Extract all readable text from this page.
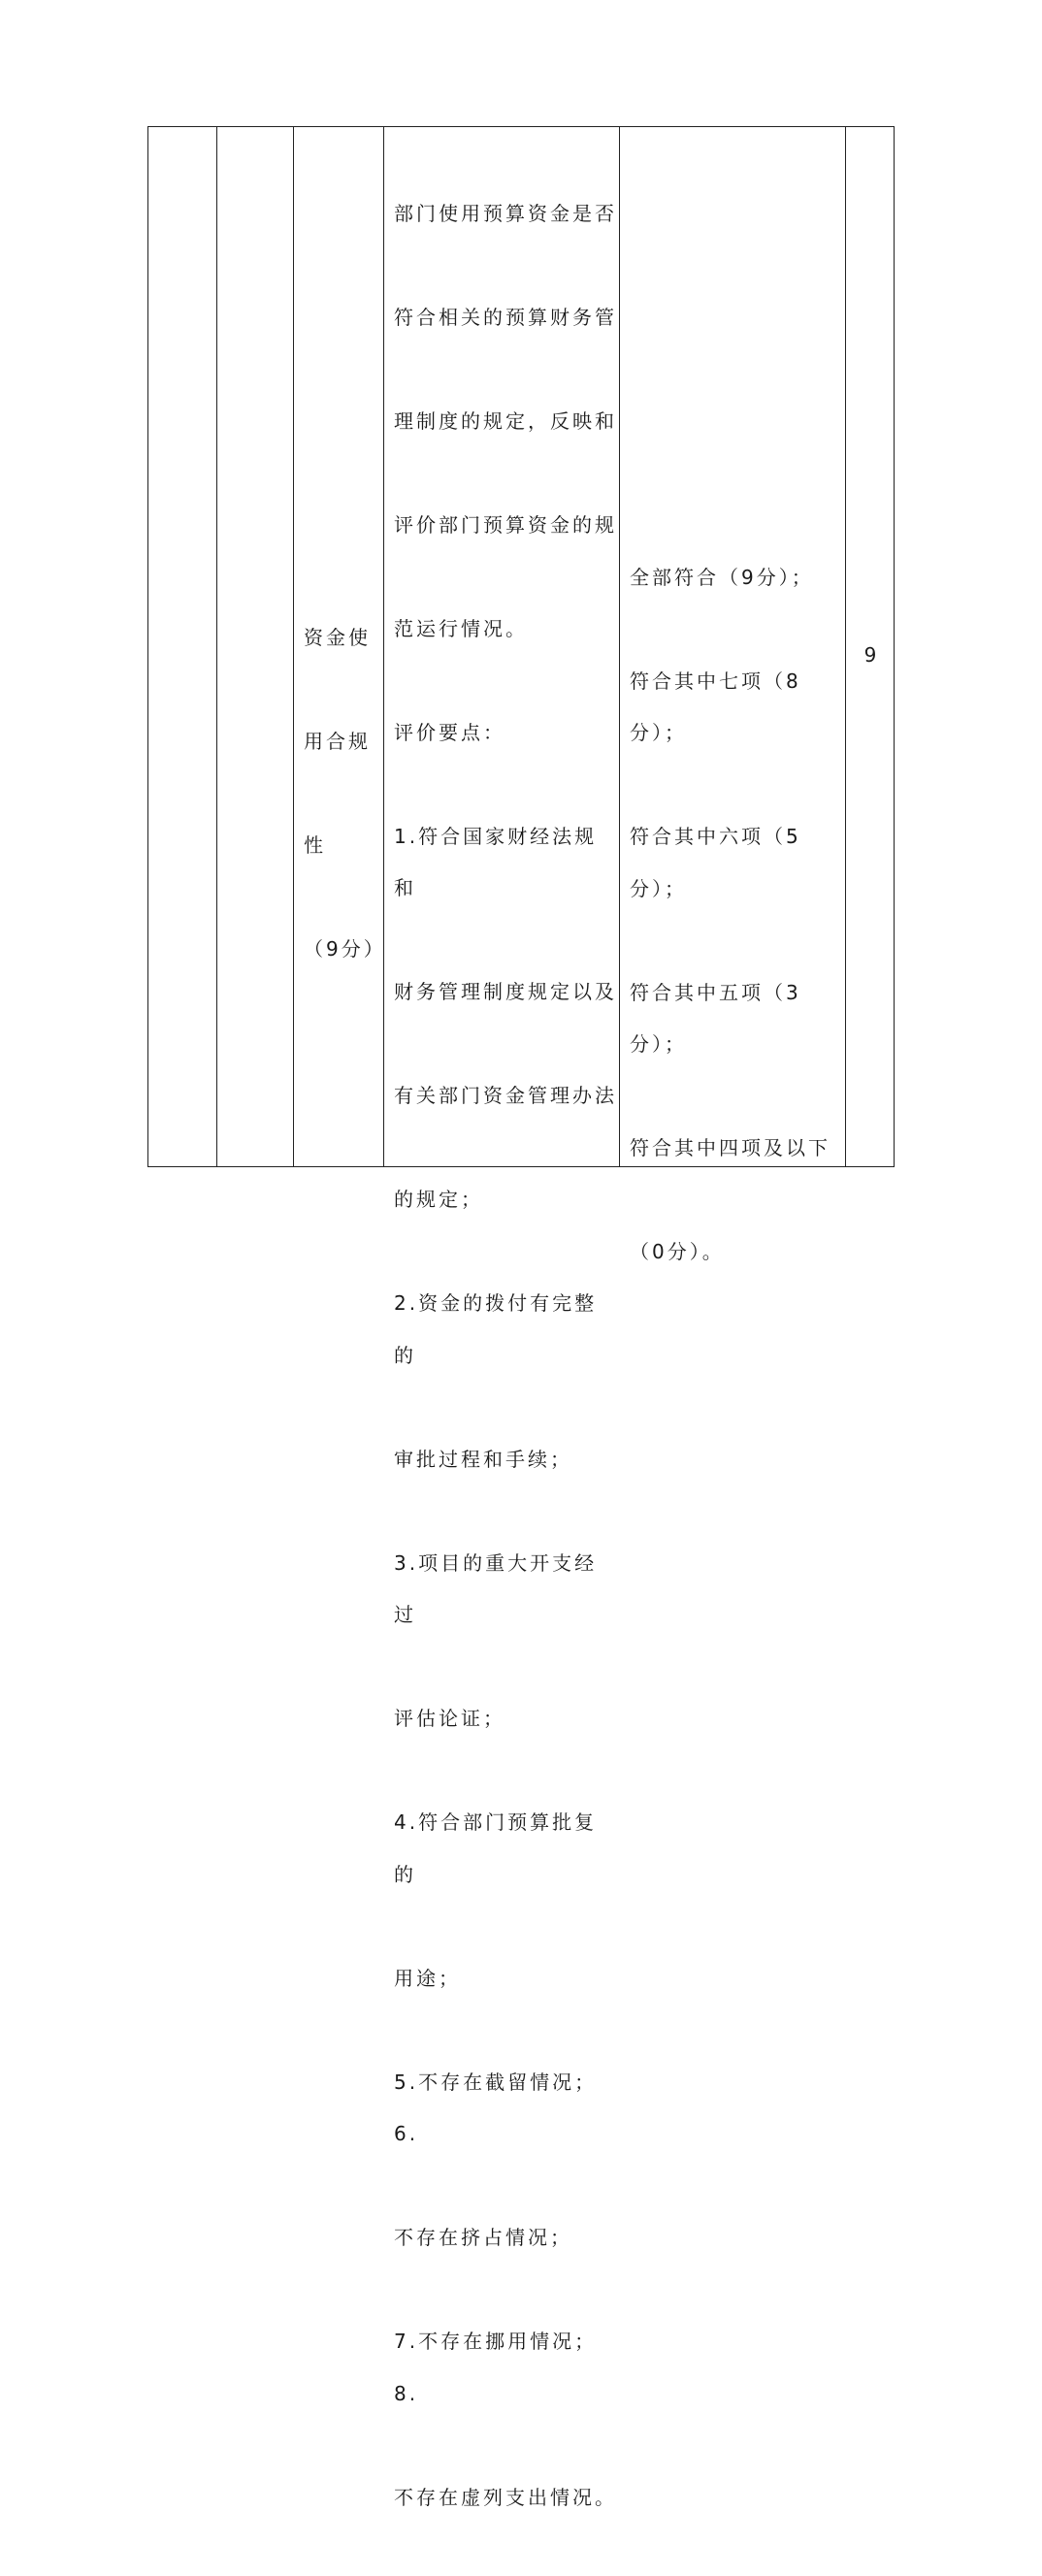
资金使

用合规

性

（9分）

部门使用预算资金是否

符合相关的预算财务管

理制度的规定，反映和

评价部门预算资金的规

范运行情况。

评价要点：

1.符合国家财经法规和

财务管理制度规定以及

有关部门资金管理办法

的规定；

2.资金的拨付有完整的

审批过程和手续；

3.项目的重大开支经过

评估论证；

4.符合部门预算批复的

用途；

5.不存在截留情况；6.

不存在挤占情况；

7.不存在挪用情况；8.

不存在虚列支出情况。

全部符合（9分）；

符合其中七项（8分）；

符合其中六项（5分）；

符合其中五项（3分）；

符合其中四项及以下

（0分）。

9
